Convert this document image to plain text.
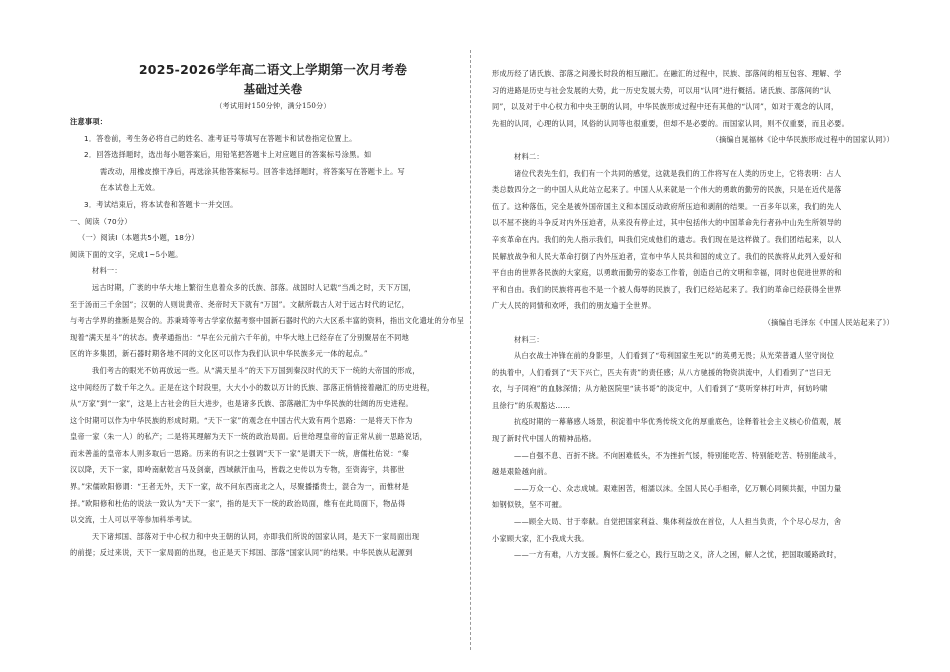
2025-2026学年高二语文上学期第一次月考卷
基础过关卷
（考试用时150分钟，满分150分）
注意事项：
1．答卷前，考生务必将自己的姓名、准考证号等填写在答题卡和试卷指定位置上。
2．回答选择题时，选出每小题答案后，用铅笔把答题卡上对应题目的答案标号涂黑。如
需改动，用橡皮擦干净后，再选涂其他答案标号。回答非选择题时，将答案写在答题卡上。写
在本试卷上无效。
3．考试结束后，将本试卷和答题卡一并交回。
一、阅读（70分）
（一）阅读Ⅰ（本题共5小题，18分）
阅读下面的文字，完成1~5小题。
材料一：
远古时期，广袤的中华大地上繁衍生息着众多的氏族、部落。战国时人记载“当禹之时，天下万国，
至于汤而三千余国”；汉朝的人则说黄帝、尧帝时天下就有“万国”。文献所载古人对于远古时代的记忆，
与考古学界的推断是契合的。苏秉琦等考古学家依据考察中国新石器时代的六大区系丰富的资料，指出文化遗址的分布呈
现着“满天星斗”的状态。费孝通指出：“早在公元前六千年前，中华大地上已经存在了分别聚居在不同地
区的许多集团，新石器时期各地不同的文化区可以作为我们认识中华民族多元一体的起点。”
我们考古的眼光不妨再放远一些。从“满天星斗”的天下万国到秦汉时代的天下一统的大帝国的形成，
这中间经历了数千年之久。正是在这个时段里，大大小小的数以万计的氏族、部落正悄悄接着融汇的历史进程，
从“万家”到“一家”，这是上古社会的巨大进步，也是诸多氏族、部落融汇为中华民族的壮阔的历史进程。
这个时期可以作为中华民族的形成时期。“天下一家”的观念在中国古代大致有两个思路：一是将天下作为
皇帝一家（朱一人）的私产；二是将其理解为天下一统的政治局面。后世给理皇帝的盲正常从前一思路说话，
而未善盖的皇帝本人则多取后一思路。历来的有识之士强调“天下一家”是谓天下一统，唐儒杜佑说：“秦
汉以降，天下一家，即岭南献乾言马及剑豪，西域献汗血马，皆载之史传以为专物，至资海宇，共都世
界。”宋儒欧阳修谓：“王者无外，天下一家，故不问东西南北之人，尽聚播播贵士，混合为一，而惟材是
择。”欧阳修和杜佑的说法一致认为“天下一家”，指的是天下一统的政治局面，维有在此局面下，物品得
以交流，士人可以平等参加科举考试。
天下诸邦国、部落对于中心权力和中央王朝的认同，亦即我们所说的国家认同，是天下一家局面出现
的前提；反过来说，天下一家局面的出现，也正是天下邦国、部落“国家认同”的结果。中华民族从起源到
形成历经了诸氏族、部落之间漫长时段的相互融汇。在融汇的过程中，民族、部落间的相互包容、理解、学
习的进路是历史与社会发展的大势，此一历史发展大势，可以用“认同”进行概括。诸氏族、部落间的“认
同”，以及对于中心权力和中央王朝的认同，中华民族形成过程中还有其他的“认同”，如对于观念的认同，
先祖的认同，心理的认同，风俗的认同等也很重要，但却不是必要的。而国家认同，则不仅重要，而且必要。
（摘编自晁福林《论中华民族形成过程中的国家认同》）
材料二：
诸位代表先生们，我们有一个共同的感觉，这就是我们的工作将写在人类的历史上，它将表明：占人
类总数四分之一的中国人从此站立起来了。中国人从来就是一个伟大的勇敢的勤劳的民族，只是在近代是落
伍了。这种落伍，完全是被外国帝国主义和本国反动政府所压迫和剥削的结果。一百多年以来，我们的先人
以不屈不挠的斗争反对内外压迫者，从来没有停止过，其中包括伟大的中国革命先行者孙中山先生所领导的
辛亥革命在内。我们的先人指示我们，叫我们完成他们的遗志。我们现在是这样做了。我们团结起来，以人
民解放战争和人民大革命打倒了内外压迫者，宣布中华人民共和国的成立了。我们的民族将从此列入爱好和
平自由的世界各民族的大家庭，以勇敢而勤劳的姿态工作着，创造自己的文明和幸福，同时也促进世界的和
平和自由。我们的民族将再也不是一个被人侮辱的民族了，我们已经站起来了。我们的革命已经获得全世界
广大人民的同情和欢呼，我们的朋友遍于全世界。
（摘编自毛泽东《中国人民站起来了》）
材料三：
从白衣战士冲锋在前的身影里，人们看到了“苟利国家生死以”的英勇无畏；从光荣普通人坚守岗位
的执着中，人们看到了“天下兴亡，匹夫有责”的责任感；从八方驰援的物资洪流中，人们看到了“岂曰无
衣，与子同袍”的血脉深情；从方舱医院里“读书哥”的淡定中，人们看到了“莫听穿林打叶声，何妨吟啸
且徐行”的乐观豁达……
抗疫时期的一幕幕感人场景，积淀着中华优秀传统文化的厚重底色，诠释着社会主义核心价值观，展
现了新时代中国人的精神品格。
——自强不息、百折不挠。不向困难低头，不为挫折气馁，特别能吃苦、特别能吃苦、特别能战斗，
越是艰险越向前。
——万众一心、众志成城。艰难困苦，相濡以沫。全国人民心手相牵，亿万颗心同频共振，中国力量
如钢似铁，坚不可摧。
——顾全大局、甘于奉献。自觉把国家利益、集体利益放在首位，人人担当负责，个个尽心尽力，舍
小家顾大家，汇小我成大我。
——一方有难，八方支援。胸怀仁爱之心，践行互助之义，济人之困，解人之忧，把国取暖路政时，
